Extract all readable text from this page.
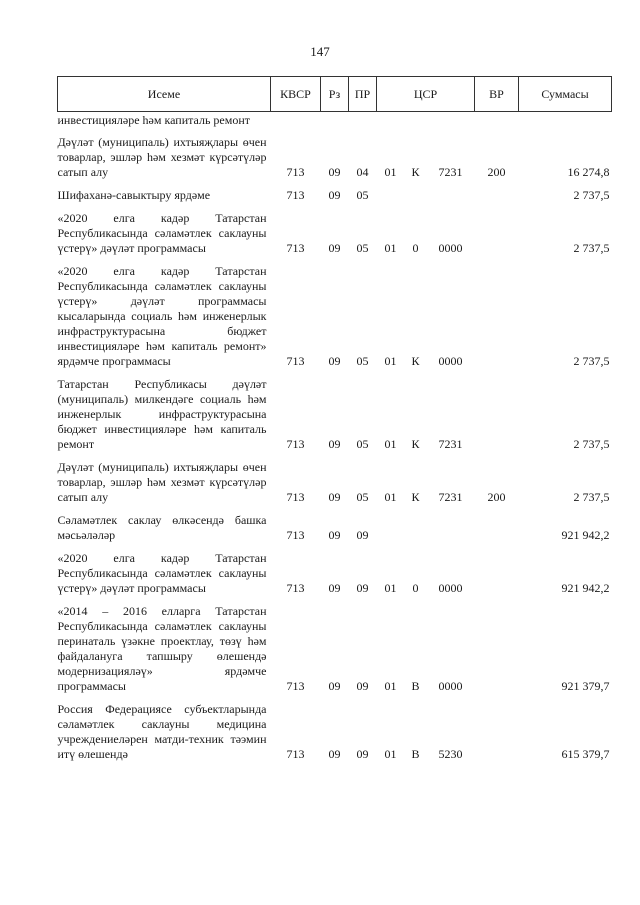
147
Исеме	КВСР	Рз	ПР	ЦСР			ВР	Суммасы
инвестицияләре һәм капиталь ремонт								
Дәүләт (муниципаль) ихтыяҗлары өчен товарлар, эшләр һәм хезмәт күрсәтүләр сатып алу	713	09	04	01	К	7231	200	16 274,8
Шифаханә-савыктыру ярдәме	713	09	05					2 737,5
«2020 елга кадәр Татарстан Республикасында сәламәтлек саклауны үстерү» дәүләт программасы	713	09	05	01	0	0000		2 737,5
«2020 елга кадәр Татарстан Республикасында сәламәтлек саклауны үстерү» дәүләт программасы кысаларында социаль һәм инженерлык инфраструктурасына бюджет инвестицияләре һәм капиталь ремонт» ярдәмче программасы	713	09	05	01	К	0000		2 737,5
Татарстан Республикасы дәүләт (муниципаль) милкендәге социаль һәм инженерлык инфраструктурасына бюджет инвестицияләре һәм капиталь ремонт	713	09	05	01	К	7231		2 737,5
Дәүләт (муниципаль) ихтыяҗлары өчен товарлар, эшләр һәм хезмәт күрсәтүләр сатып алу	713	09	05	01	К	7231	200	2 737,5
Сәламәтлек саклау өлкәсендә башка мәсьәләләр	713	09	09					921 942,2
«2020 елга кадәр Татарстан Республикасында сәламәтлек саклауны үстерү» дәүләт программасы	713	09	09	01	0	0000		921 942,2
«2014 – 2016 елларга Татарстан Республикасында сәламәтлек саклауны перинаталь үзәкне проектлау, төзү һәм файдалануга тапшыру өлешендә модернизацияләү» ярдәмче программасы	713	09	09	01	В	0000		921 379,7
Россия Федерациясе субъектларында сәламәтлек саклауны медицина учреждениеләрен матди-техник тәэмин итү өлешендә	713	09	09	01	В	5230		615 379,7
